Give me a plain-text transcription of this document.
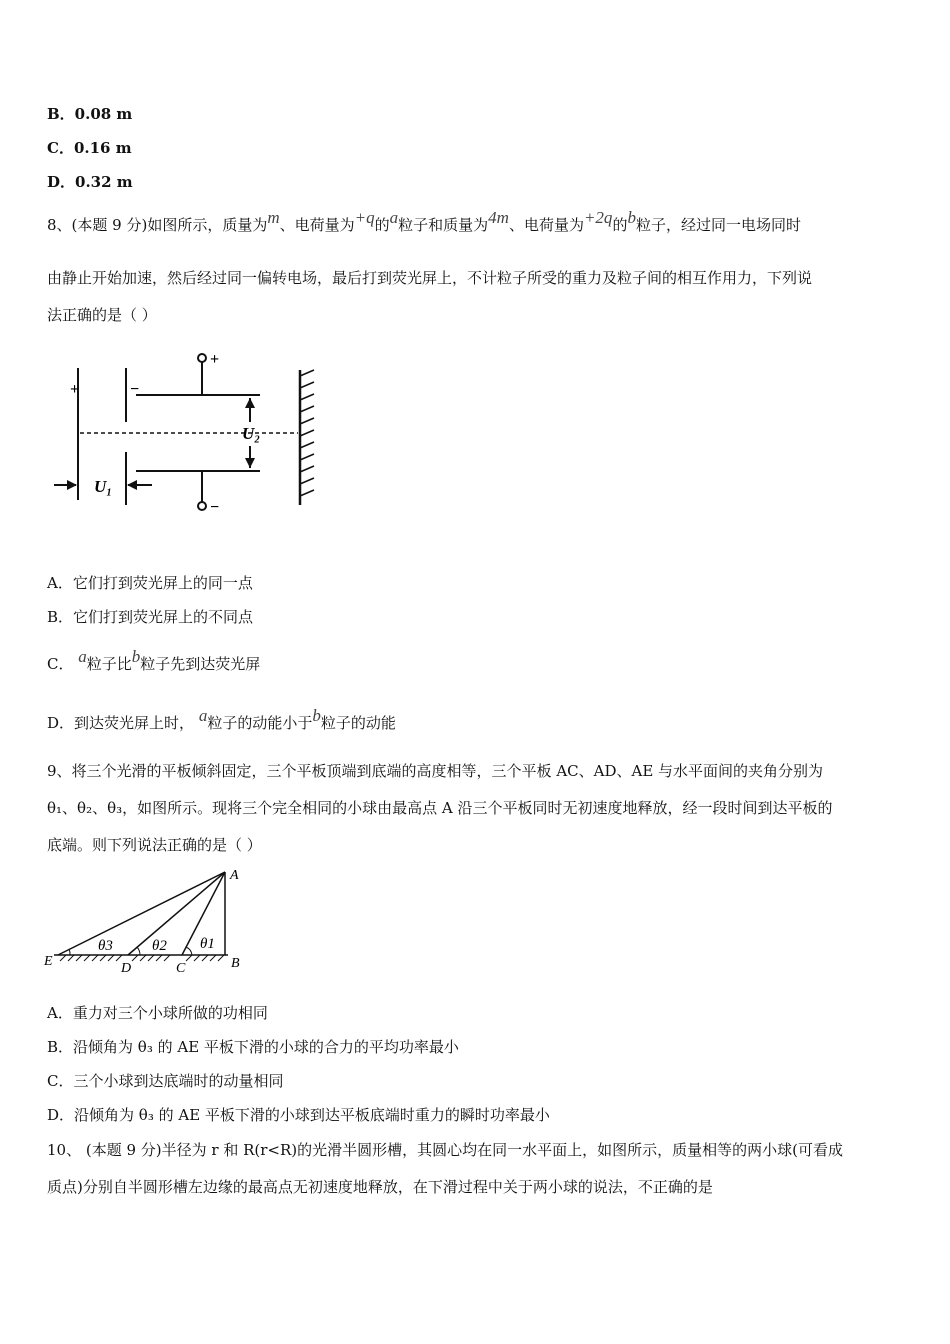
B．0.08 m
C．0.16 m
D．0.32 m
8、(本题 9 分)如图所示，质量为m、电荷量为+q的a粒子和质量为4m、电荷量为+2q的b粒子，经过同一电场同时
由静止开始加速，然后经过同一偏转电场，最后打到荧光屏上，不计粒子所受的重力及粒子间的相互作用力，下列说
法正确的是（ ）
+	−
+
−
U₂
U₁
A．它们打到荧光屏上的同一点
B．它们打到荧光屏上的不同点
C． a粒子比b粒子先到达荧光屏
D．到达荧光屏上时， a粒子的动能小于b粒子的动能
9、将三个光滑的平板倾斜固定，三个平板顶端到底端的高度相等，三个平板 AC、AD、AE 与水平面间的夹角分别为
θ₁、θ₂、θ₃，如图所示。现将三个完全相同的小球由最高点 A 沿三个平板同时无初速度地释放，经一段时间到达平板的
底端。则下列说法正确的是（ ）
A
B
C
D
E
θ3	θ2 θ1
A．重力对三个小球所做的功相同
B．沿倾角为 θ₃ 的 AE 平板下滑的小球的合力的平均功率最小
C．三个小球到达底端时的动量相同
D．沿倾角为 θ₃ 的 AE 平板下滑的小球到达平板底端时重力的瞬时功率最小
10、 (本题 9 分)半径为 r 和 R(r<R)的光滑半圆形槽，其圆心均在同一水平面上，如图所示，质量相等的两小球(可看成
质点)分别自半圆形槽左边缘的最高点无初速度地释放，在下滑过程中关于两小球的说法，不正确的是
